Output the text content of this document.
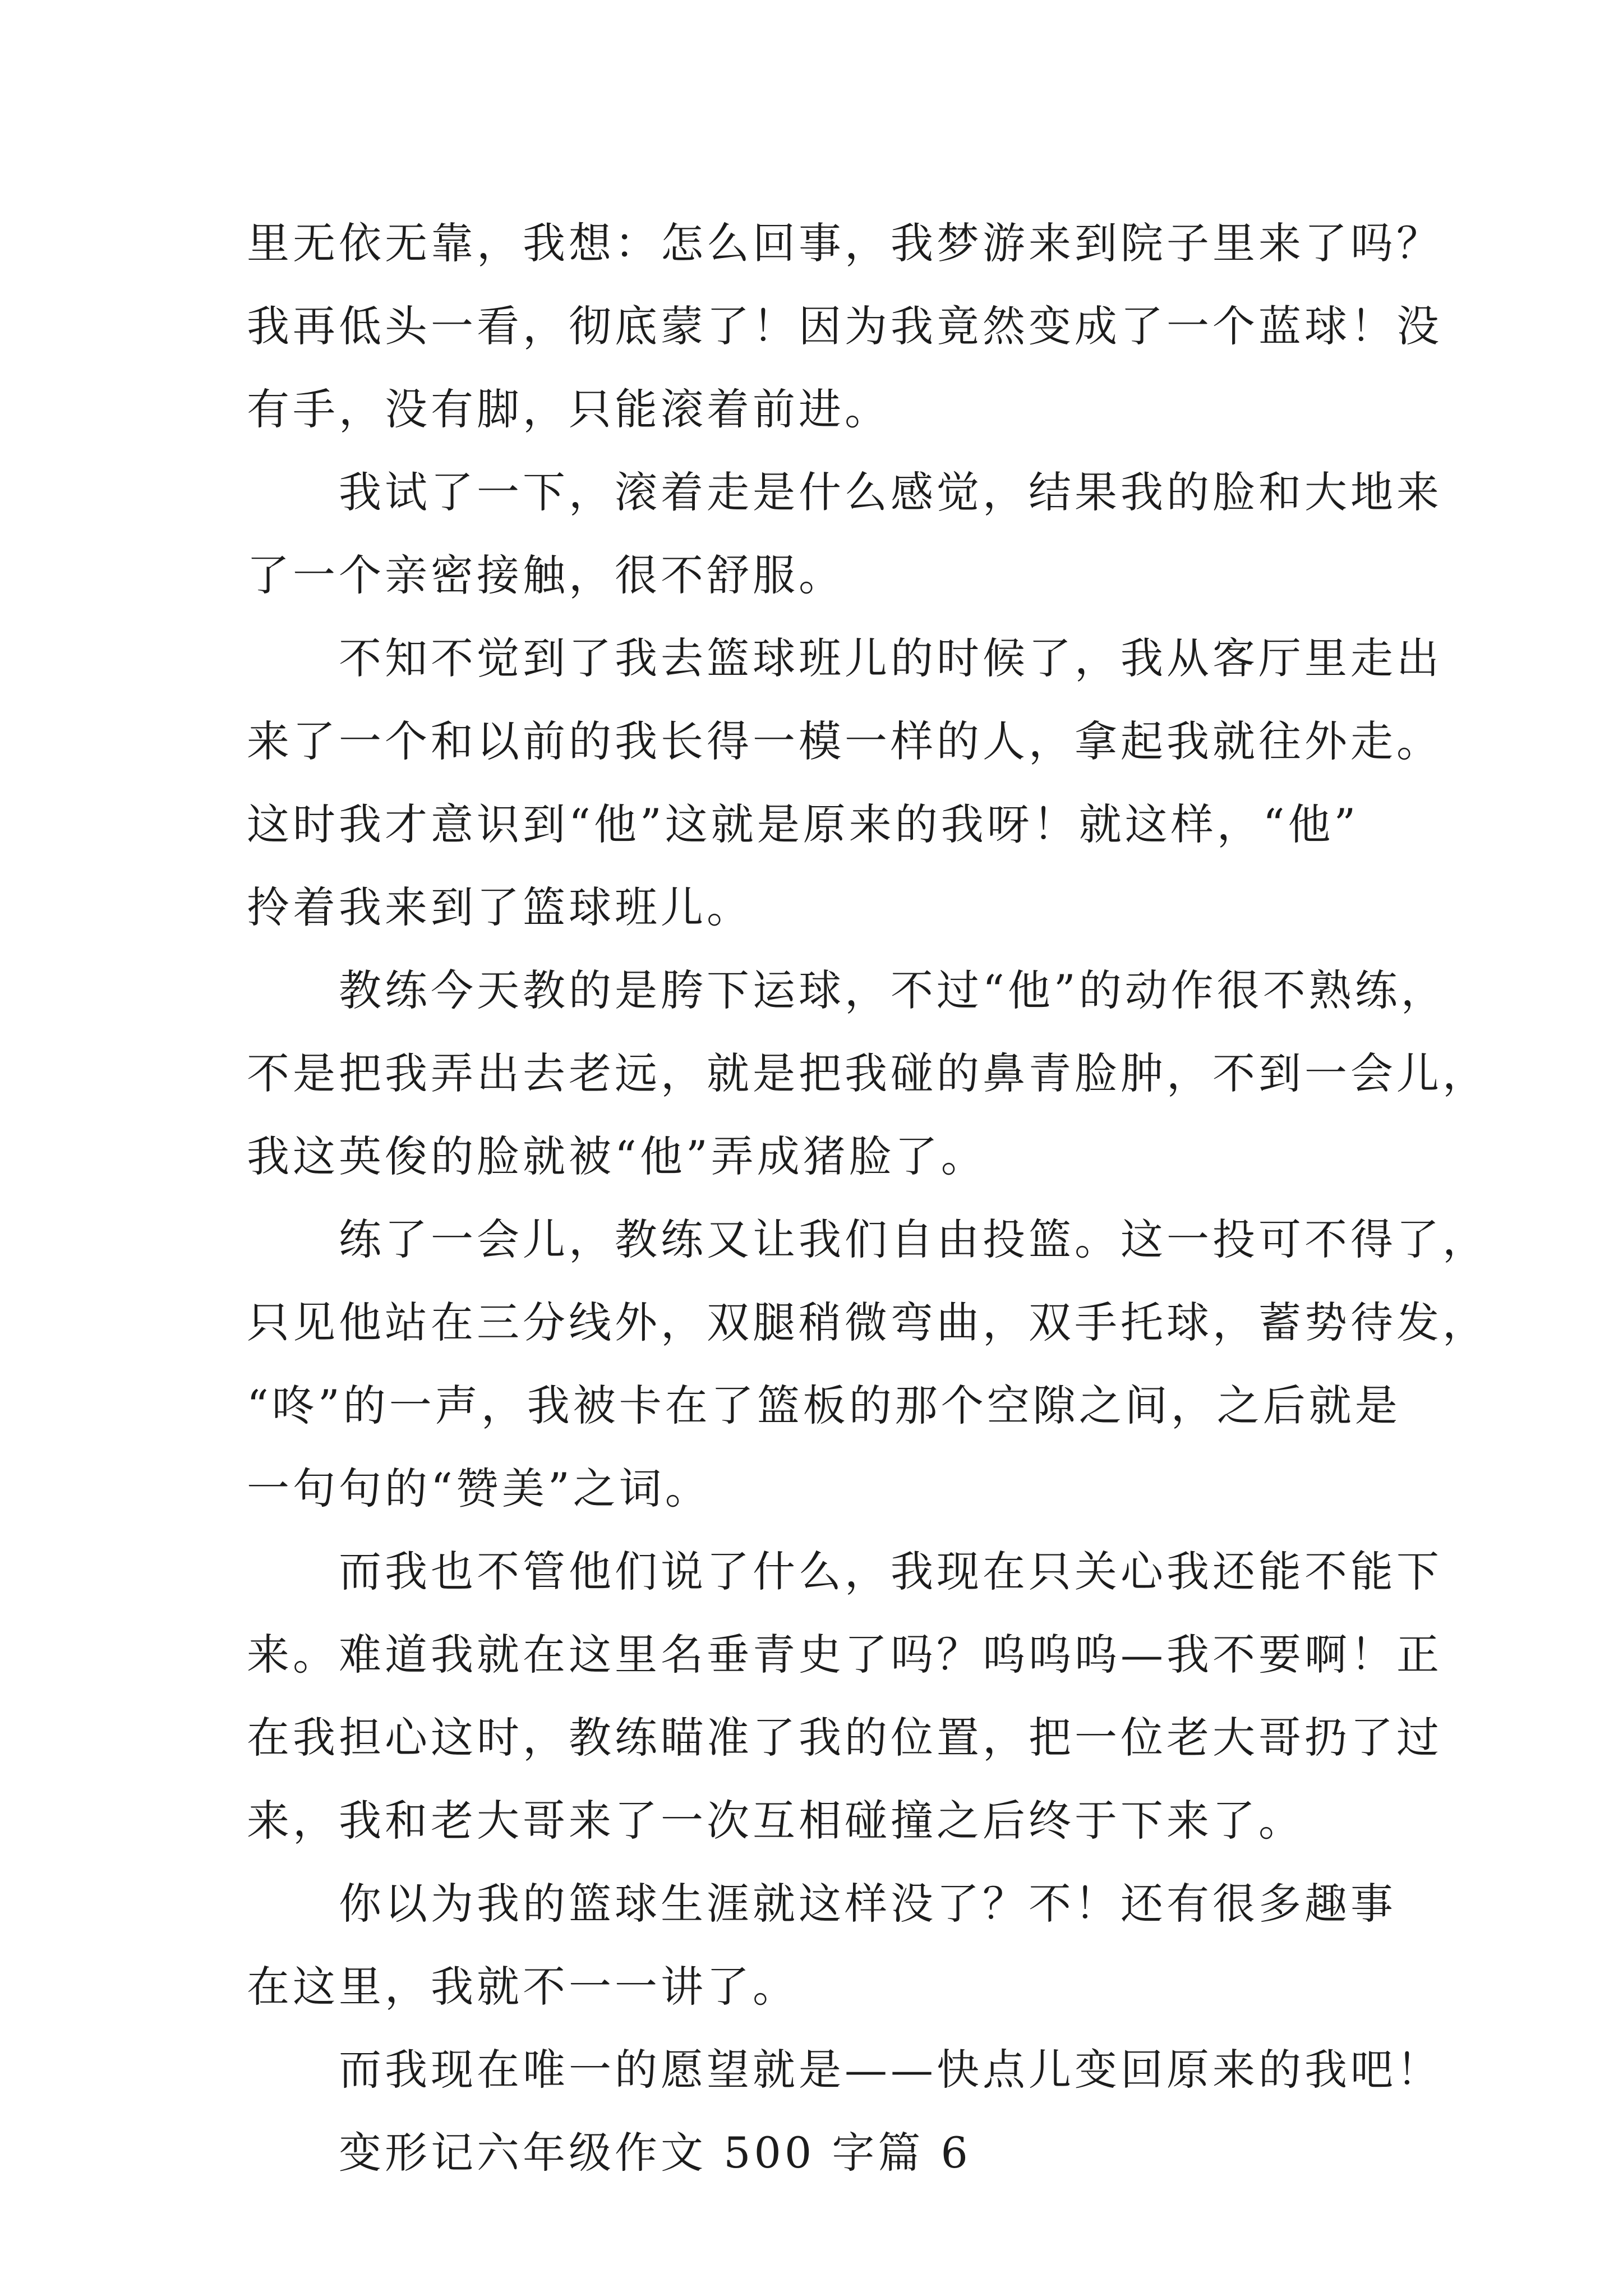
里无依无靠，我想：怎么回事，我梦游来到院子里来了吗？
我再低头一看，彻底蒙了！因为我竟然变成了一个蓝球！没
有手，没有脚，只能滚着前进。
我试了一下，滚着走是什么感觉，结果我的脸和大地来
了一个亲密接触，很不舒服。
不知不觉到了我去篮球班儿的时候了，我从客厅里走出
来了一个和以前的我长得一模一样的人，拿起我就往外走。
这时我才意识到“他”这就是原来的我呀！就这样，“他”
拎着我来到了篮球班儿。
教练今天教的是胯下运球，不过“他”的动作很不熟练，
不是把我弄出去老远，就是把我碰的鼻青脸肿，不到一会儿，
我这英俊的脸就被“他”弄成猪脸了。
练了一会儿，教练又让我们自由投篮。这一投可不得了，
只见他站在三分线外，双腿稍微弯曲，双手托球，蓄势待发，
“咚”的一声，我被卡在了篮板的那个空隙之间，之后就是
一句句的“赞美”之词。
而我也不管他们说了什么，我现在只关心我还能不能下
来。难道我就在这里名垂青史了吗？呜呜呜—我不要啊！正
在我担心这时，教练瞄准了我的位置，把一位老大哥扔了过
来，我和老大哥来了一次互相碰撞之后终于下来了。
你以为我的篮球生涯就这样没了？不！还有很多趣事
在这里，我就不一一讲了。
而我现在唯一的愿望就是——快点儿变回原来的我吧！
变形记六年级作文 500 字篇 6
